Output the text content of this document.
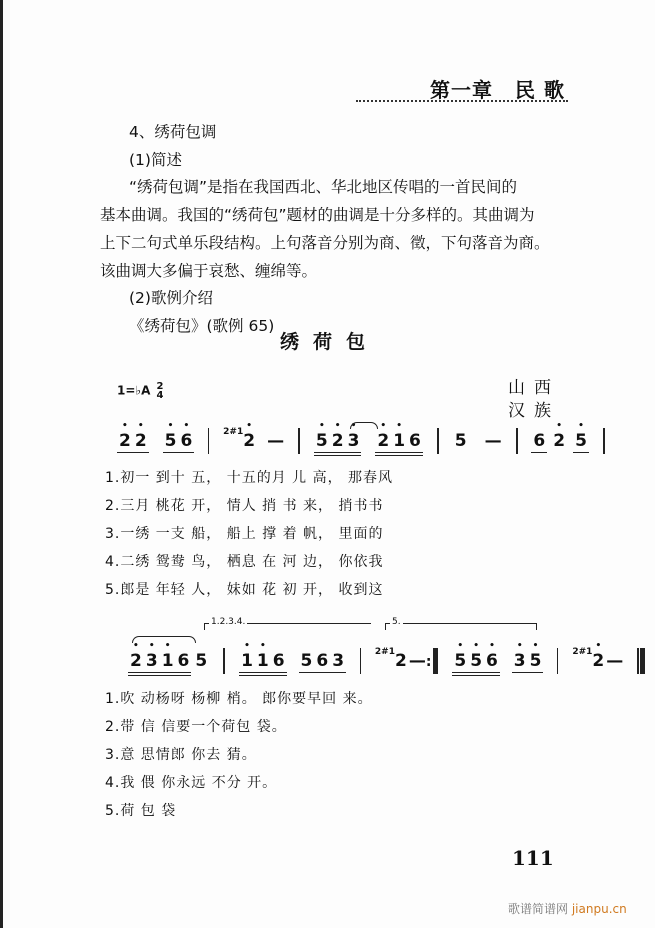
第一章 民 歌
4、绣荷包调
(1)简述
“绣荷包调”是指在我国西北、华北地区传唱的一首民间的
基本曲调。我国的“绣荷包”题材的曲调是十分多样的。其曲调为
上下二句式单乐段结构。上句落音分别为商、徵，下句落音为商。
该曲调大多偏于哀愁、缠绵等。
(2)歌例介绍
《绣荷包》(歌例 65)
绣荷包
1=♭A 2
4	山西
汉族
• 2 • 2 • 5 • 6	$^{2\#1}$• 2 — • 5 • 2 • 3 • 2 • 1 6 5 — 6 • 2 • 5
1.初一 到十 五， 十五的月 儿 高， 那春风
2.三月 桃花 开， 情人 捎 书 来， 捎书书
3.一绣 一支 船， 船上 撑 着 帆， 里面的
4.二绣 鸳鸯 鸟， 栖息 在 河 边， 你依我
5.郎是 年轻 人， 妹如 花 初 开， 收到这
1.2.3.4.	5.
• 2 • 3 • 1 6 5 • 1 • 1 6 5 6 3	$^{2\#1}$2 —: • 5 • 5 • 6 • 3 • 5	$^{2\#1}$• 2 —
1.吹 动杨呀 杨柳 梢。 郎你要早回 来。
2.带 信 信要一个荷包 袋。
3.意 思情郎 你去 猜。
4.我 偎 你永远 不分 开。
5.荷 包 袋
111
歌谱简谱网 jianpu.cn
